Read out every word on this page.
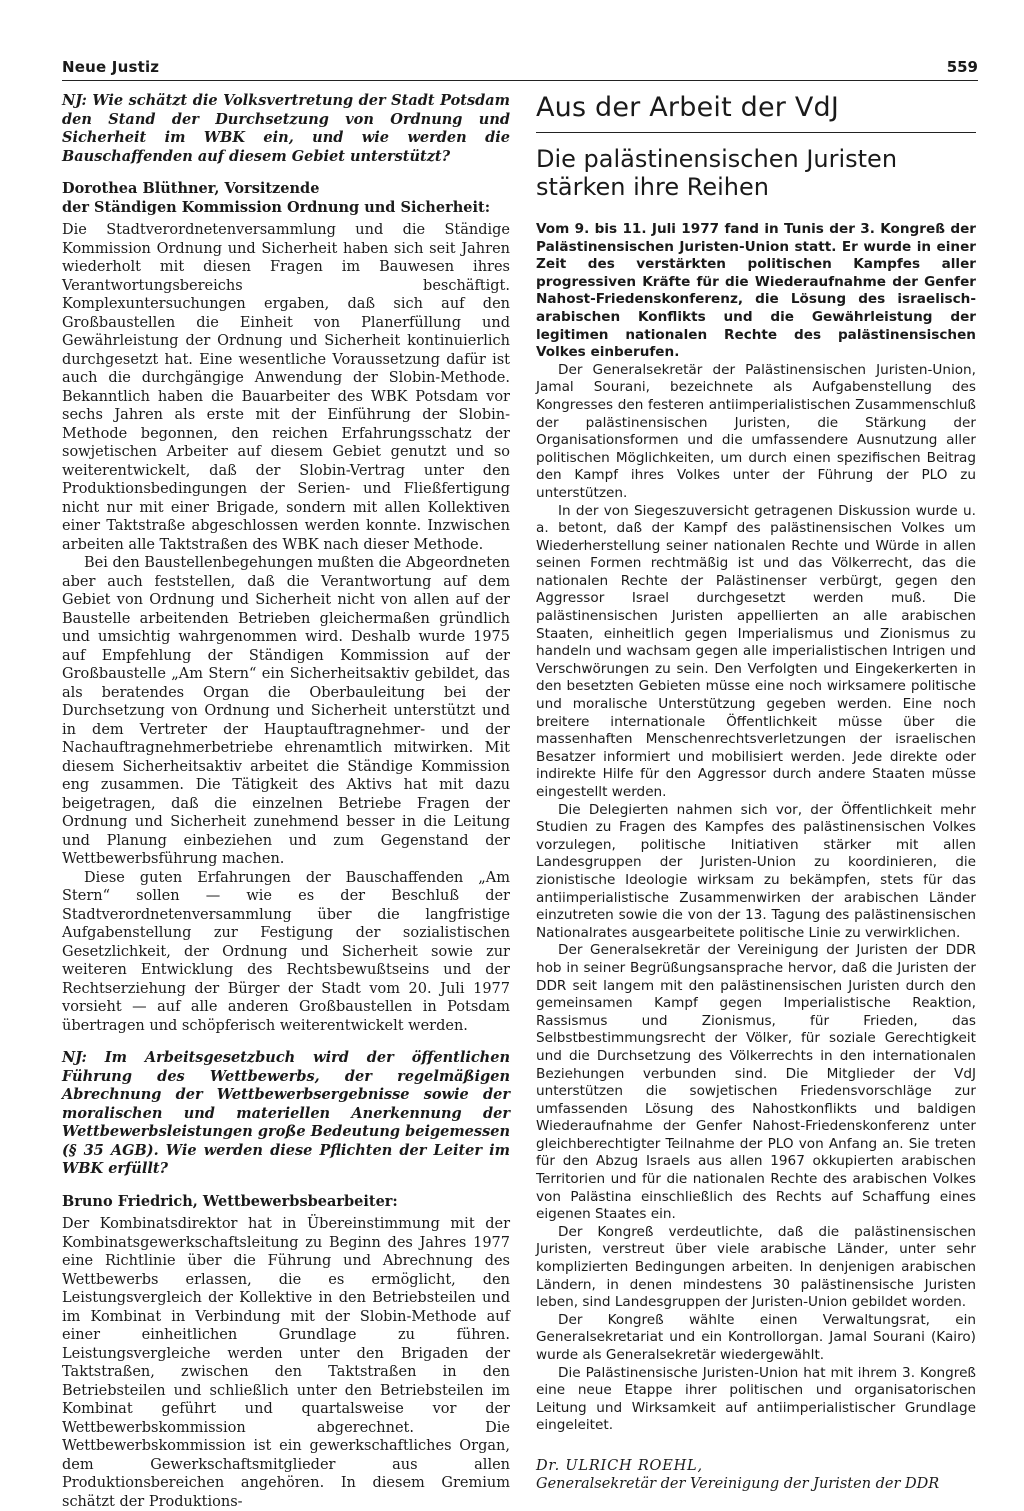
Neue Justiz	559

NJ: Wie schätzt die Volksvertretung der Stadt Potsdam den Stand der Durchsetzung von Ordnung und Sicherheit im WBK ein, und wie werden die Bauschaffenden auf diesem Gebiet unterstützt?

Dorothea Blüthner, Vorsitzende
der Ständigen Kommission Ordnung und Sicherheit:

Die Stadtverordnetenversammlung und die Ständige Kommission Ordnung und Sicherheit haben sich seit Jahren wiederholt mit diesen Fragen im Bauwesen ihres Verantwortungsbereichs beschäftigt. Komplexuntersuchungen ergaben, daß sich auf den Großbaustellen die Einheit von Planerfüllung und Gewährleistung der Ordnung und Sicherheit kontinuierlich durchgesetzt hat. Eine wesentliche Voraussetzung dafür ist auch die durchgängige Anwendung der Slobin-Methode. Bekanntlich haben die Bauarbeiter des WBK Potsdam vor sechs Jahren als erste mit der Einführung der Slobin-Methode begonnen, den reichen Erfahrungsschatz der sowjetischen Arbeiter auf diesem Gebiet genutzt und so weiterentwickelt, daß der Slobin-Vertrag unter den Produktionsbedingungen der Serien- und Fließfertigung nicht nur mit einer Brigade, sondern mit allen Kollektiven einer Taktstraße abgeschlossen werden konnte. Inzwischen arbeiten alle Taktstraßen des WBK nach dieser Methode.

Bei den Baustellenbegehungen mußten die Abgeordneten aber auch feststellen, daß die Verantwortung auf dem Gebiet von Ordnung und Sicherheit nicht von allen auf der Baustelle arbeitenden Betrieben gleichermaßen gründlich und umsichtig wahrgenommen wird. Deshalb wurde 1975 auf Empfehlung der Ständigen Kommission auf der Großbaustelle „Am Stern“ ein Sicherheitsaktiv gebildet, das als beratendes Organ die Oberbauleitung bei der Durchsetzung von Ordnung und Sicherheit unterstützt und in dem Vertreter der Hauptauftragnehmer- und der Nachauftragnehmerbetriebe ehrenamtlich mitwirken. Mit diesem Sicherheitsaktiv arbeitet die Ständige Kommission eng zusammen. Die Tätigkeit des Aktivs hat mit dazu beigetragen, daß die einzelnen Betriebe Fragen der Ordnung und Sicherheit zunehmend besser in die Leitung und Planung einbeziehen und zum Gegenstand der Wettbewerbsführung machen.

Diese guten Erfahrungen der Bauschaffenden „Am Stern“ sollen — wie es der Beschluß der Stadtverordnetenversammlung über die langfristige Aufgabenstellung zur Festigung der sozialistischen Gesetzlichkeit, der Ordnung und Sicherheit sowie zur weiteren Entwicklung des Rechtsbewußtseins und der Rechtserziehung der Bürger der Stadt vom 20. Juli 1977 vorsieht — auf alle anderen Großbaustellen in Potsdam übertragen und schöpferisch weiterentwickelt werden.

NJ: Im Arbeitsgesetzbuch wird der öffentlichen Führung des Wettbewerbs, der regelmäßigen Abrechnung der Wettbewerbsergebnisse sowie der moralischen und materiellen Anerkennung der Wettbewerbsleistungen große Bedeutung beigemessen (§ 35 AGB). Wie werden diese Pflichten der Leiter im WBK erfüllt?

Bruno Friedrich, Wettbewerbsbearbeiter:

Der Kombinatsdirektor hat in Übereinstimmung mit der Kombinatsgewerkschaftsleitung zu Beginn des Jahres 1977 eine Richtlinie über die Führung und Abrechnung des Wettbewerbs erlassen, die es ermöglicht, den Leistungsvergleich der Kollektive in den Betriebsteilen und im Kombinat in Verbindung mit der Slobin-Methode auf einer einheitlichen Grundlage zu führen. Leistungsvergleiche werden unter den Brigaden der Taktstraßen, zwischen den Taktstraßen in den Betriebsteilen und schließlich unter den Betriebsteilen im Kombinat geführt und quartalsweise vor der Wettbewerbskommission abgerechnet. Die Wettbewerbskommission ist ein gewerkschaftliches Organ, dem Gewerkschaftsmitglieder aus allen Produktionsbereichen angehören. In diesem Gremium schätzt der Produktions-

Aus der Arbeit der VdJ
Die palästinensischen Juristen
stärken ihre Reihen

Vom 9. bis 11. Juli 1977 fand in Tunis der 3. Kongreß der Palästinensischen Juristen-Union statt. Er wurde in einer Zeit des verstärkten politischen Kampfes aller progressiven Kräfte für die Wiederaufnahme der Genfer Nahost-Friedenskonferenz, die Lösung des israelisch-arabischen Konflikts und die Gewährleistung der legitimen nationalen Rechte des palästinensischen Volkes einberufen.

Der Generalsekretär der Palästinensischen Juristen-Union, Jamal Sourani, bezeichnete als Aufgabenstellung des Kongresses den festeren antiimperialistischen Zusammenschluß der palästinensischen Juristen, die Stärkung der Organisationsformen und die umfassendere Ausnutzung aller politischen Möglichkeiten, um durch einen spezifischen Beitrag den Kampf ihres Volkes unter der Führung der PLO zu unterstützen.

In der von Siegeszuversicht getragenen Diskussion wurde u. a. betont, daß der Kampf des palästinensischen Volkes um Wiederherstellung seiner nationalen Rechte und Würde in allen seinen Formen rechtmäßig ist und das Völkerrecht, das die nationalen Rechte der Palästinenser verbürgt, gegen den Aggressor Israel durchgesetzt werden muß. Die palästinensischen Juristen appellierten an alle arabischen Staaten, einheitlich gegen Imperialismus und Zionismus zu handeln und wachsam gegen alle imperialistischen Intrigen und Verschwörungen zu sein. Den Verfolgten und Eingekerkerten in den besetzten Gebieten müsse eine noch wirksamere politische und moralische Unterstützung gegeben werden. Eine noch breitere internationale Öffentlichkeit müsse über die massenhaften Menschenrechtsverletzungen der israelischen Besatzer informiert und mobilisiert werden. Jede direkte oder indirekte Hilfe für den Aggressor durch andere Staaten müsse eingestellt werden.

Die Delegierten nahmen sich vor, der Öffentlichkeit mehr Studien zu Fragen des Kampfes des palästinensischen Volkes vorzulegen, politische Initiativen stärker mit allen Landesgruppen der Juristen-Union zu koordinieren, die zionistische Ideologie wirksam zu bekämpfen, stets für das antiimperialistische Zusammenwirken der arabischen Länder einzutreten sowie die von der 13. Tagung des palästinensischen Nationalrates ausgearbeitete politische Linie zu verwirklichen.

Der Generalsekretär der Vereinigung der Juristen der DDR hob in seiner Begrüßungsansprache hervor, daß die Juristen der DDR seit langem mit den palästinensischen Juristen durch den gemeinsamen Kampf gegen Imperialistische Reaktion, Rassismus und Zionismus, für Frieden, das Selbstbestimmungsrecht der Völker, für soziale Gerechtigkeit und die Durchsetzung des Völkerrechts in den internationalen Beziehungen verbunden sind. Die Mitglieder der VdJ unterstützen die sowjetischen Friedensvorschläge zur umfassenden Lösung des Nahostkonflikts und baldigen Wiederaufnahme der Genfer Nahost-Friedenskonferenz unter gleichberechtigter Teilnahme der PLO von Anfang an. Sie treten für den Abzug Israels aus allen 1967 okkupierten arabischen Territorien und für die nationalen Rechte des arabischen Volkes von Palästina einschließlich des Rechts auf Schaffung eines eigenen Staates ein.

Der Kongreß verdeutlichte, daß die palästinensischen Juristen, verstreut über viele arabische Länder, unter sehr komplizierten Bedingungen arbeiten. In denjenigen arabischen Ländern, in denen mindestens 30 palästinensische Juristen leben, sind Landesgruppen der Juristen-Union gebildet worden.

Der Kongreß wählte einen Verwaltungsrat, ein Generalsekretariat und ein Kontrollorgan. Jamal Sourani (Kairo) wurde als Generalsekretär wiedergewählt.

Die Palästinensische Juristen-Union hat mit ihrem 3. Kongreß eine neue Etappe ihrer politischen und organisatorischen Leitung und Wirksamkeit auf antiimperialistischer Grundlage eingeleitet.

Dr. ULRICH ROEHL,
Generalsekretär der Vereinigung der Juristen der DDR
